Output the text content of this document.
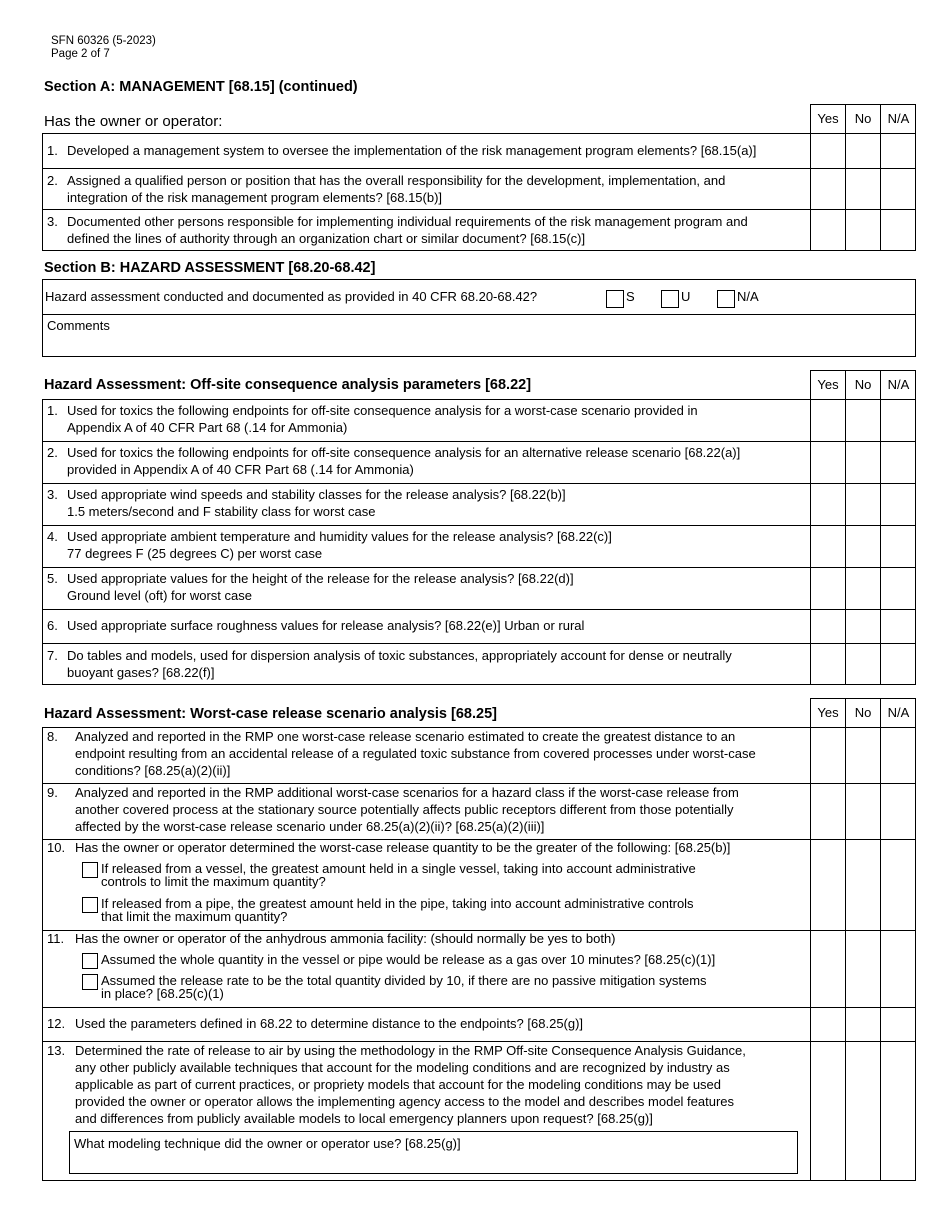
SFN 60326 (5-2023)
Page 2 of 7
Section A: MANAGEMENT [68.15] (continued)
Yes	No	N/A
Has the owner or operator:
1. Developed a management system to oversee the implementation of the risk management program elements? [68.15(a)]
2. Assigned a qualified person or position that has the overall responsibility for the development, implementation, and
integration of the risk management program elements? [68.15(b)]
3. Documented other persons responsible for implementing individual requirements of the risk management program and
defined the lines of authority through an organization chart or similar document? [68.15(c)]
Section B: HAZARD ASSESSMENT [68.20-68.42]
Hazard assessment conducted and documented as provided in 40 CFR 68.20-68.42?	S	U	N/A
Comments
Hazard Assessment: Off-site consequence analysis parameters [68.22]	Yes	No	N/A
1. Used for toxics the following endpoints for off-site consequence analysis for a worst-case scenario provided in
Appendix A of 40 CFR Part 68 (.14 for Ammonia)
2. Used for toxics the following endpoints for off-site consequence analysis for an alternative release scenario [68.22(a)]
provided in Appendix A of 40 CFR Part 68 (.14 for Ammonia)
3. Used appropriate wind speeds and stability classes for the release analysis? [68.22(b)]
1.5 meters/second and F stability class for worst case
4. Used appropriate ambient temperature and humidity values for the release analysis? [68.22(c)]
77 degrees F (25 degrees C) per worst case
5. Used appropriate values for the height of the release for the release analysis? [68.22(d)]
Ground level (oft) for worst case
6. Used appropriate surface roughness values for release analysis? [68.22(e)] Urban or rural
7. Do tables and models, used for dispersion analysis of toxic substances, appropriately account for dense or neutrally
buoyant gases? [68.22(f)]
Hazard Assessment: Worst-case release scenario analysis [68.25]	Yes	No	N/A
8. Analyzed and reported in the RMP one worst-case release scenario estimated to create the greatest distance to an
endpoint resulting from an accidental release of a regulated toxic substance from covered processes under worst-case
conditions? [68.25(a)(2)(ii)]
9. Analyzed and reported in the RMP additional worst-case scenarios for a hazard class if the worst-case release from
another covered process at the stationary source potentially affects public receptors different from those potentially
affected by the worst-case release scenario under 68.25(a)(2)(ii)? [68.25(a)(2)(iii)]
10. Has the owner or operator determined the worst-case release quantity to be the greater of the following: [68.25(b)]
If released from a vessel, the greatest amount held in a single vessel, taking into account administrative
controls to limit the maximum quantity?
If released from a pipe, the greatest amount held in the pipe, taking into account administrative controls
that limit the maximum quantity?
11. Has the owner or operator of the anhydrous ammonia facility: (should normally be yes to both)
Assumed the whole quantity in the vessel or pipe would be release as a gas over 10 minutes? [68.25(c)(1)]
Assumed the release rate to be the total quantity divided by 10, if there are no passive mitigation systems
in place? [68.25(c)(1)
12. Used the parameters defined in 68.22 to determine distance to the endpoints? [68.25(g)]
13. Determined the rate of release to air by using the methodology in the RMP Off-site Consequence Analysis Guidance,
any other publicly available techniques that account for the modeling conditions and are recognized by industry as
applicable as part of current practices, or propriety models that account for the modeling conditions may be used
provided the owner or operator allows the implementing agency access to the model and describes model features
and differences from publicly available models to local emergency planners upon request? [68.25(g)]
What modeling technique did the owner or operator use? [68.25(g)]
